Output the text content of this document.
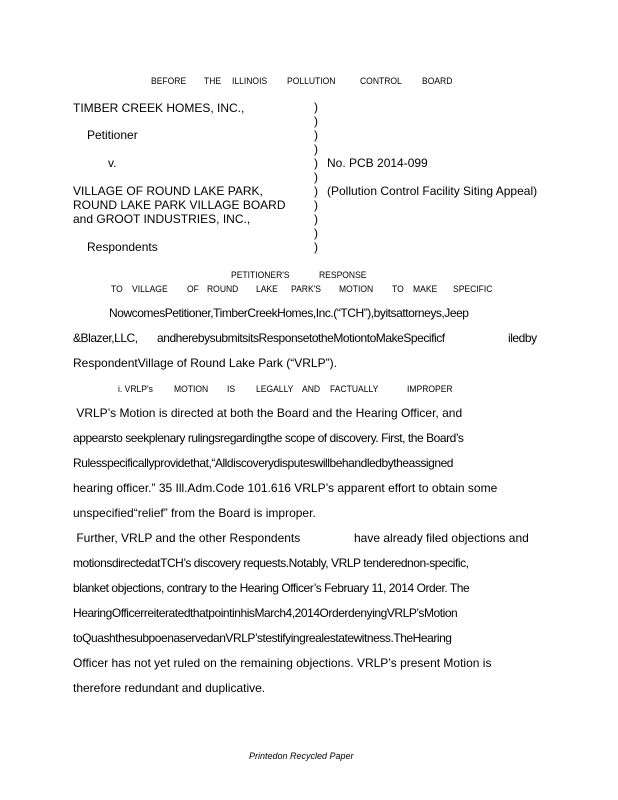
BEFORE THE ILLINOIS POLLUTION	CONTROL BOARD
TIMBER CREEK HOMES, INC.,
Petitioner
v.
VILLAGE OF ROUND LAKE PARK,
ROUND LAKE PARK VILLAGE BOARD
and GROOT INDUSTRIES, INC.,
Respondents
)
)
)
)
)
)
)
)
)
)
)
No. PCB 2014-099
(Pollution Control Facility Siting Appeal)
PETITIONER'S	RESPONSE
TO VILLAGE OF ROUND LAKE PARK'S MOTION TO MAKE SPECIFIC
NowcomesPetitioner,TimberCreekHomes,Inc.(“TCH”),byitsattorneys,Jeep
&Blazer,LLC, andherebysubmitsitsResponsetotheMotiontoMakeSpecificf	iledby
RespondentVillage of Round Lake Park (“VRLP”).
i. VRLP's MOTION IS LEGALLY AND FACTUALLY	IMPROPER
VRLP’s Motion is directed at both the Board and the Hearing Officer, and
appearsto seekplenary rulingsregardingthe scope of discovery. First, the Board’s
Rulesspecificallyprovidethat,“Alldiscoverydisputeswillbehandledbytheassigned
hearing officer.” 35 Ill.Adm.Code 101.616 VRLP’s apparent effort to obtain some
unspecified“relief” from the Board is improper.
Further, VRLP and the other Respondents	have already filed objections and
motionsdirectedatTCH’s discovery requests.Notably, VRLP tenderednon-specific,
blanket objections, contrary to the Hearing Officer’s February 11, 2014 Order. The
HearingOfficerreiteratedthatpointinhisMarch4,2014OrderdenyingVRLP’sMotion
toQuashthesubpoenaservedanVRLP’stestifyingrealestatewitness.TheHearing
Officer has not yet ruled on the remaining objections. VRLP’s present Motion is
therefore redundant and duplicative.
Printedon Recycled Paper
